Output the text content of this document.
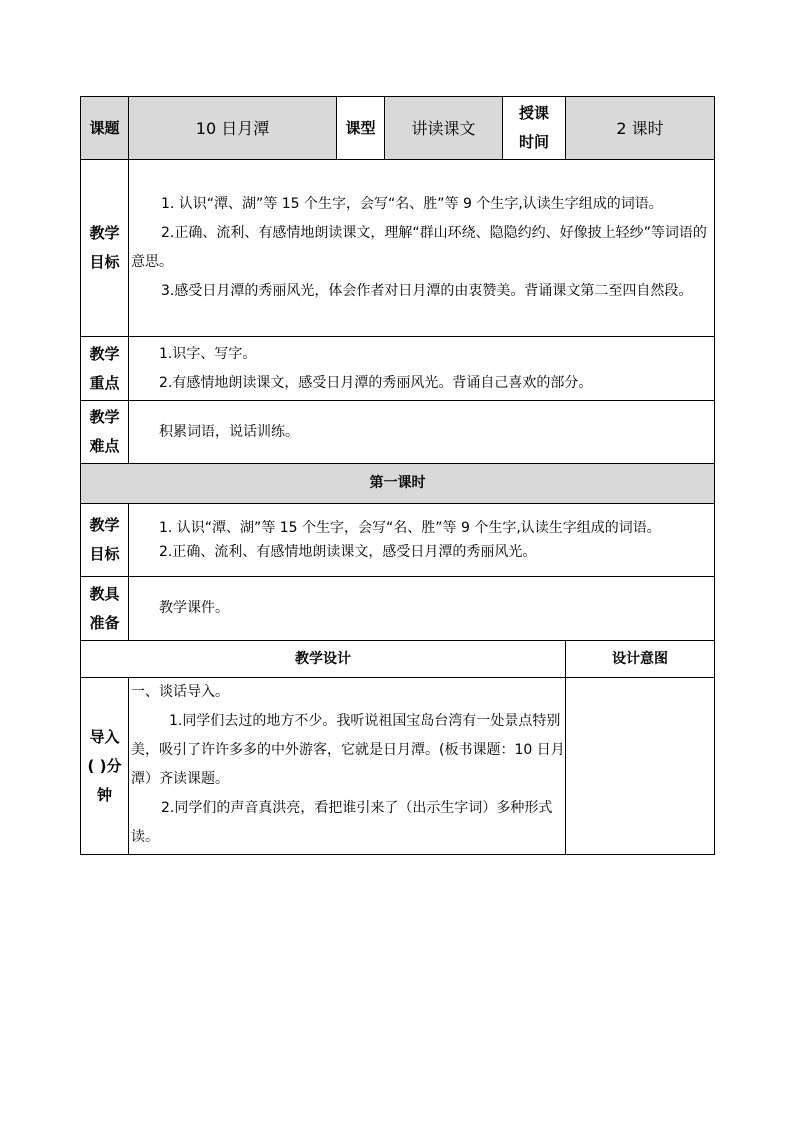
课题	10 日月潭	课型	讲读课文	授课
时间	2 课时

教学
目标	1. 认识“潭、湖”等 15 个生字，会写“名、胜”等 9 个生字,认读生字组成的词语。
2.正确、流利、有感情地朗读课文，理解“群山环绕、隐隐约约、好像披上轻纱”等词语的意思。
3.感受日月潭的秀丽风光，体会作者对日月潭的由衷赞美。背诵课文第二至四自然段。				

教学
重点	1.识字、写字。
2.有感情地朗读课文，感受日月潭的秀丽风光。背诵自己喜欢的部分。				

教学
难点	积累词语，说话训练。				

第一课时					

教学
目标	1. 认识“潭、湖”等 15 个生字，会写“名、胜”等 9 个生字,认读生字组成的词语。
2.正确、流利、有感情地朗读课文，感受日月潭的秀丽风光。				

教具
准备	教学课件。				

教学设计					设计意图

导入
( )分
钟	一、谈话导入。
1.同学们去过的地方不少。我听说祖国宝岛台湾有一处景点特别美，吸引了许许多多的中外游客，它就是日月潭。(板书课题：10 日月潭）齐读课题。
2.同学们的声音真洪亮，看把谁引来了（出示生字词）多种形式读。				
